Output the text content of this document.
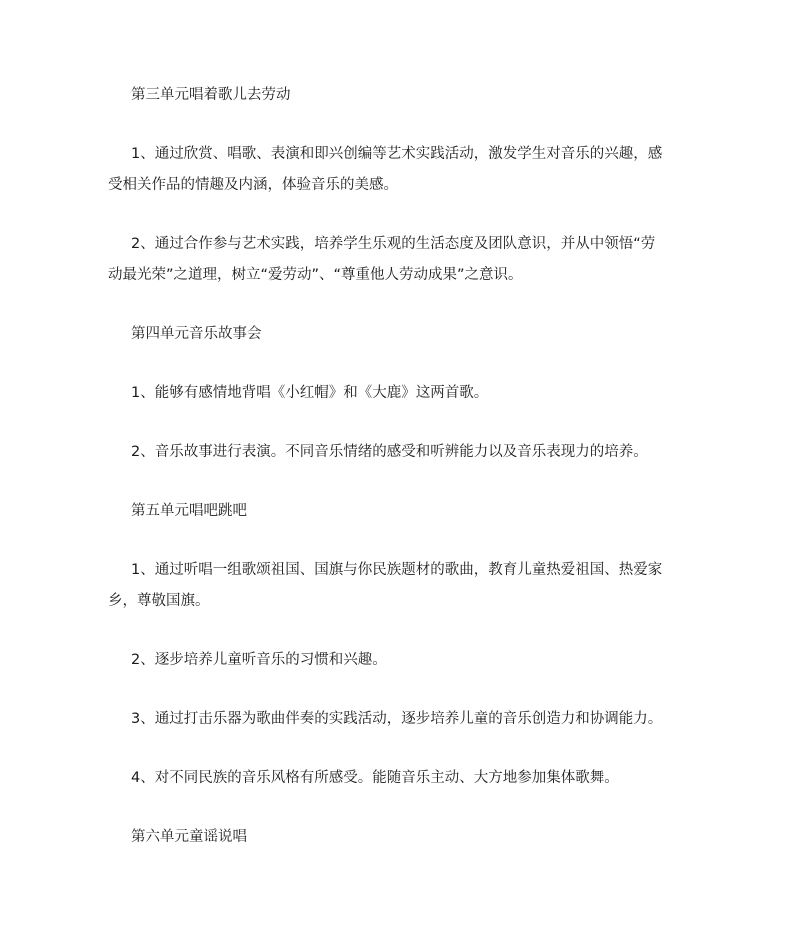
第三单元唱着歌儿去劳动
1、通过欣赏、唱歌、表演和即兴创编等艺术实践活动，激发学生对音乐的兴趣，感
受相关作品的情趣及内涵，体验音乐的美感。
2、通过合作参与艺术实践，培养学生乐观的生活态度及团队意识，并从中领悟“劳
动最光荣”之道理，树立“爱劳动”、“尊重他人劳动成果”之意识。
第四单元音乐故事会
1、能够有感情地背唱《小红帽》和《大鹿》这两首歌。
2、音乐故事进行表演。不同音乐情绪的感受和听辨能力以及音乐表现力的培养。
第五单元唱吧跳吧
1、通过听唱一组歌颂祖国、国旗与你民族题材的歌曲，教育儿童热爱祖国、热爱家
乡，尊敬国旗。
2、逐步培养儿童听音乐的习惯和兴趣。
3、通过打击乐器为歌曲伴奏的实践活动，逐步培养儿童的音乐创造力和协调能力。
4、对不同民族的音乐风格有所感受。能随音乐主动、大方地参加集体歌舞。
第六单元童谣说唱
